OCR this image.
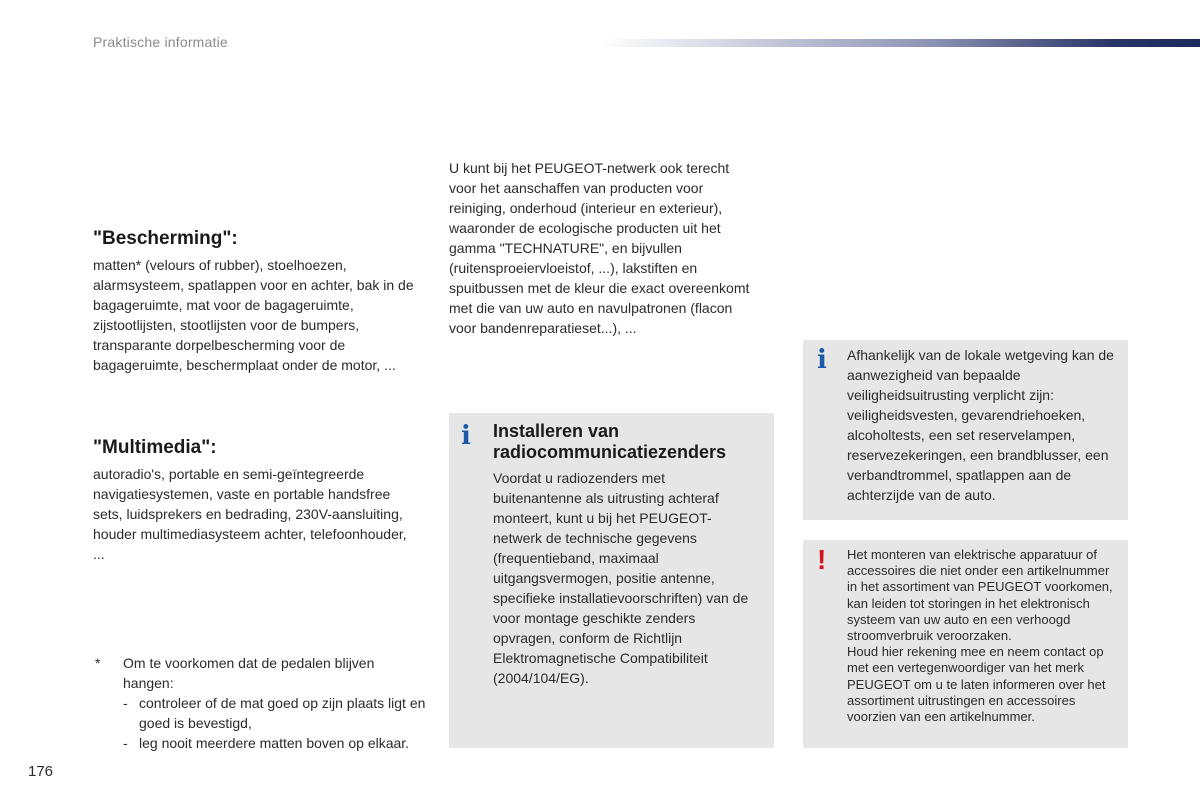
Praktische informatie
"Bescherming":

matten* (velours of rubber), stoelhoezen, alarmsysteem, spatlappen voor en achter, bak in de bagageruimte, mat voor de bagageruimte, zijstootlijsten, stootlijsten voor de bumpers, transparante dorpelbescherming voor de bagageruimte, beschermplaat onder de motor, ...

"Multimedia":

autoradio's, portable en semi-geïntegreerde navigatiesystemen, vaste en portable handsfree sets, luidsprekers en bedrading, 230V-aansluiting, houder multimediasysteem achter, telefoonhouder, ...

* Om te voorkomen dat de pedalen blijven hangen:
- controleer of de mat goed op zijn plaats ligt en goed is bevestigd,
- leg nooit meerdere matten boven op elkaar.
176

U kunt bij het PEUGEOT-netwerk ook terecht voor het aanschaffen van producten voor reiniging, onderhoud (interieur en exterieur), waaronder de ecologische producten uit het gamma "TECHNATURE", en bijvullen (ruitensproeiervloeistof, ...), lakstiften en spuitbussen met de kleur die exact overeenkomt met die van uw auto en navulpatronen (flacon voor bandenreparatieset...), ...

i Installeren van radiocommunicatiezenders

Voordat u radiozenders met buitenantenne als uitrusting achteraf monteert, kunt u bij het PEUGEOT-netwerk de technische gegevens (frequentieband, maximaal uitgangsvermogen, positie antenne, specifieke installatievoorschriften) van de voor montage geschikte zenders opvragen, conform de Richtlijn Elektromagnetische Compatibiliteit (2004/104/EG).

i Afhankelijk van de lokale wetgeving kan de aanwezigheid van bepaalde veiligheidsuitrusting verplicht zijn: veiligheidsvesten, gevarendriehoeken, alcoholtests, een set reservelampen, reservezekeringen, een brandblusser, een verbandtrommel, spatlappen aan de achterzijde van de auto.

! Het monteren van elektrische apparatuur of accessoires die niet onder een artikelnummer in het assortiment van PEUGEOT voorkomen, kan leiden tot storingen in het elektronisch systeem van uw auto en een verhoogd stroomverbruik veroorzaken.

Houd hier rekening mee en neem contact op met een vertegenwoordiger van het merk PEUGEOT om u te laten informeren over het assortiment uitrustingen en accessoires voorzien van een artikelnummer.
